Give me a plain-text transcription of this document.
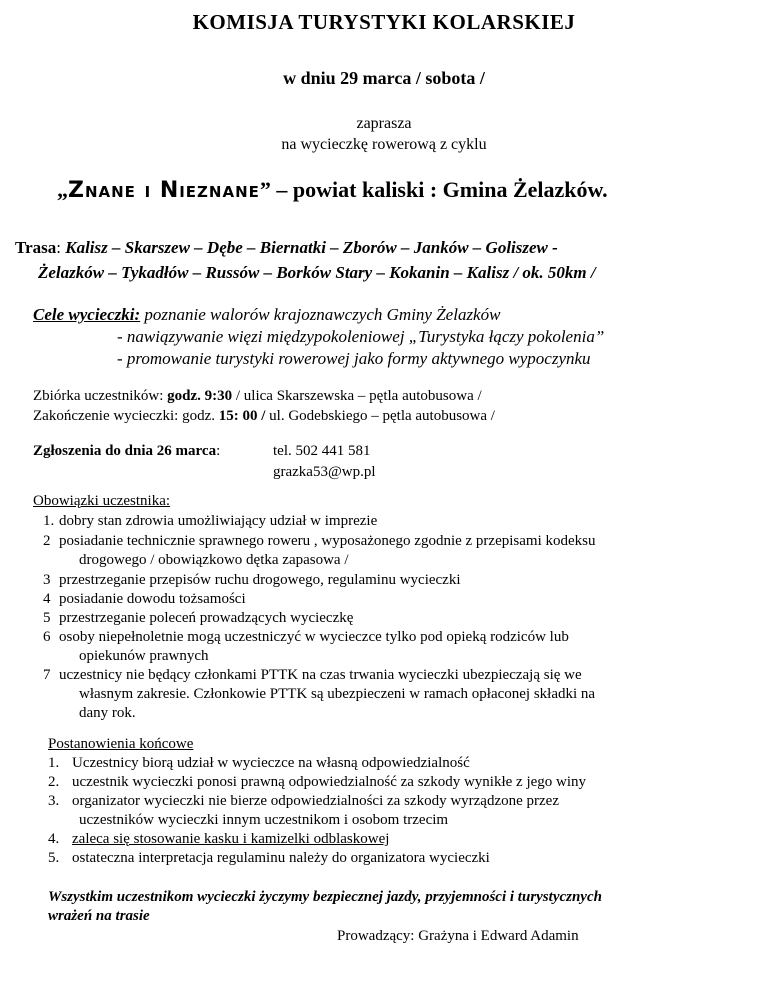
KOMISJA TURYSTYKI KOLARSKIEJ
w dniu 29 marca / sobota /
zaprasza
na wycieczkę rowerową z cyklu
„Znane i Nieznane” – powiat kaliski : Gmina Żelazków.
Trasa: Kalisz – Skarszew – Dębe – Biernatki – Zborów – Janków – Goliszew -
Żelazków – Tykadłów – Russów – Borków Stary – Kokanin – Kalisz / ok. 50km /
Cele wycieczki: poznanie walorów krajoznawczych Gminy Żelazków
- nawiązywanie więzi międzypokoleniowej „Turystyka łączy pokolenia”
- promowanie turystyki rowerowej jako formy aktywnego wypoczynku
Zbiórka uczestników: godz. 9:30 / ulica Skarszewska – pętla autobusowa /
Zakończenie wycieczki: godz. 15: 00 / ul. Godebskiego – pętla autobusowa /
Zgłoszenia do dnia 26 marca:	tel. 502 441 581
grazka53@wp.pl
Obowiązki uczestnika:
1. dobry stan zdrowia umożliwiający udział w imprezie
2 posiadanie technicznie sprawnego roweru , wyposażonego zgodnie z przepisami kodeksu
drogowego / obowiązkowo dętka zapasowa /
3 przestrzeganie przepisów ruchu drogowego, regulaminu wycieczki
4 posiadanie dowodu tożsamości
5 przestrzeganie poleceń prowadzących wycieczkę
6 osoby niepełnoletnie mogą uczestniczyć w wycieczce tylko pod opieką rodziców lub
opiekunów prawnych
7 uczestnicy nie będący członkami PTTK na czas trwania wycieczki ubezpieczają się we
własnym zakresie. Członkowie PTTK są ubezpieczeni w ramach opłaconej składki na
dany rok.
Postanowienia końcowe
1. Uczestnicy biorą udział w wycieczce na własną odpowiedzialność
2. uczestnik wycieczki ponosi prawną odpowiedzialność za szkody wynikłe z jego winy
3. organizator wycieczki nie bierze odpowiedzialności za szkody wyrządzone przez
uczestników wycieczki innym uczestnikom i osobom trzecim
4. zaleca się stosowanie kasku i kamizelki odblaskowej
5. ostateczna interpretacja regulaminu należy do organizatora wycieczki
Wszystkim uczestnikom wycieczki życzymy bezpiecznej jazdy, przyjemności i turystycznych
wrażeń na trasie
Prowadzący: Grażyna i Edward Adamin
